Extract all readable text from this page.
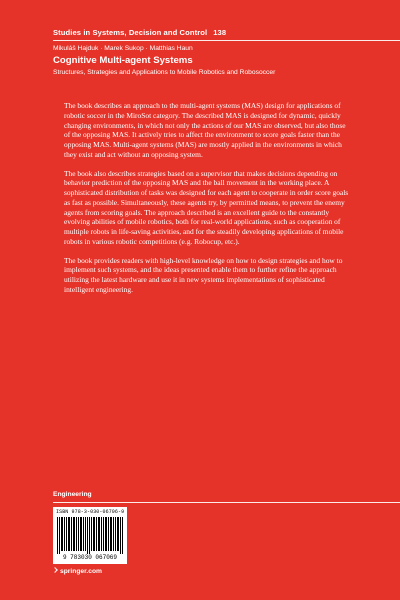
Studies in Systems, Decision and Control 138
Mikuláš Hajduk · Marek Sukop · Matthias Haun
Cognitive Multi-agent Systems
Structures, Strategies and Applications to Mobile Robotics and Robosoccer

The book describes an approach to the multi-agent systems (MAS) design for applications of robotic soccer in the MiroSot category. The described MAS is designed for dynamic, quickly changing environments, in which not only the actions of our MAS are observed, but also those of the opposing MAS. It actively tries to affect the environment to score goals faster than the opposing MAS. Multi-agent systems (MAS) are mostly applied in the environments in which they exist and act without an opposing system.

The book also describes strategies based on a supervisor that makes decisions depending on behavior prediction of the opposing MAS and the ball movement in the working place. A sophisticated distribution of tasks was designed for each agent to cooperate in order score goals as fast as possible. Simultaneously, these agents try, by permitted means, to prevent the enemy agents from scoring goals. The approach described is an excellent guide to the constantly evolving abilities of mobile robotics, both for real-world applications, such as cooperation of multiple robots in life-saving activities, and for the steadily developing applications of mobile robots in various robotic competitions (e.g. Robocup, etc.).

The book provides readers with high-level knowledge on how to design strategies and how to implement such systems, and the ideas presented enable them to further refine the approach utilizing the latest hardware and use it in new systems implementations of sophisticated intelligent engineering.

Engineering
ISBN 978-3-030-06706-9
9 783030 067069
springer.com
